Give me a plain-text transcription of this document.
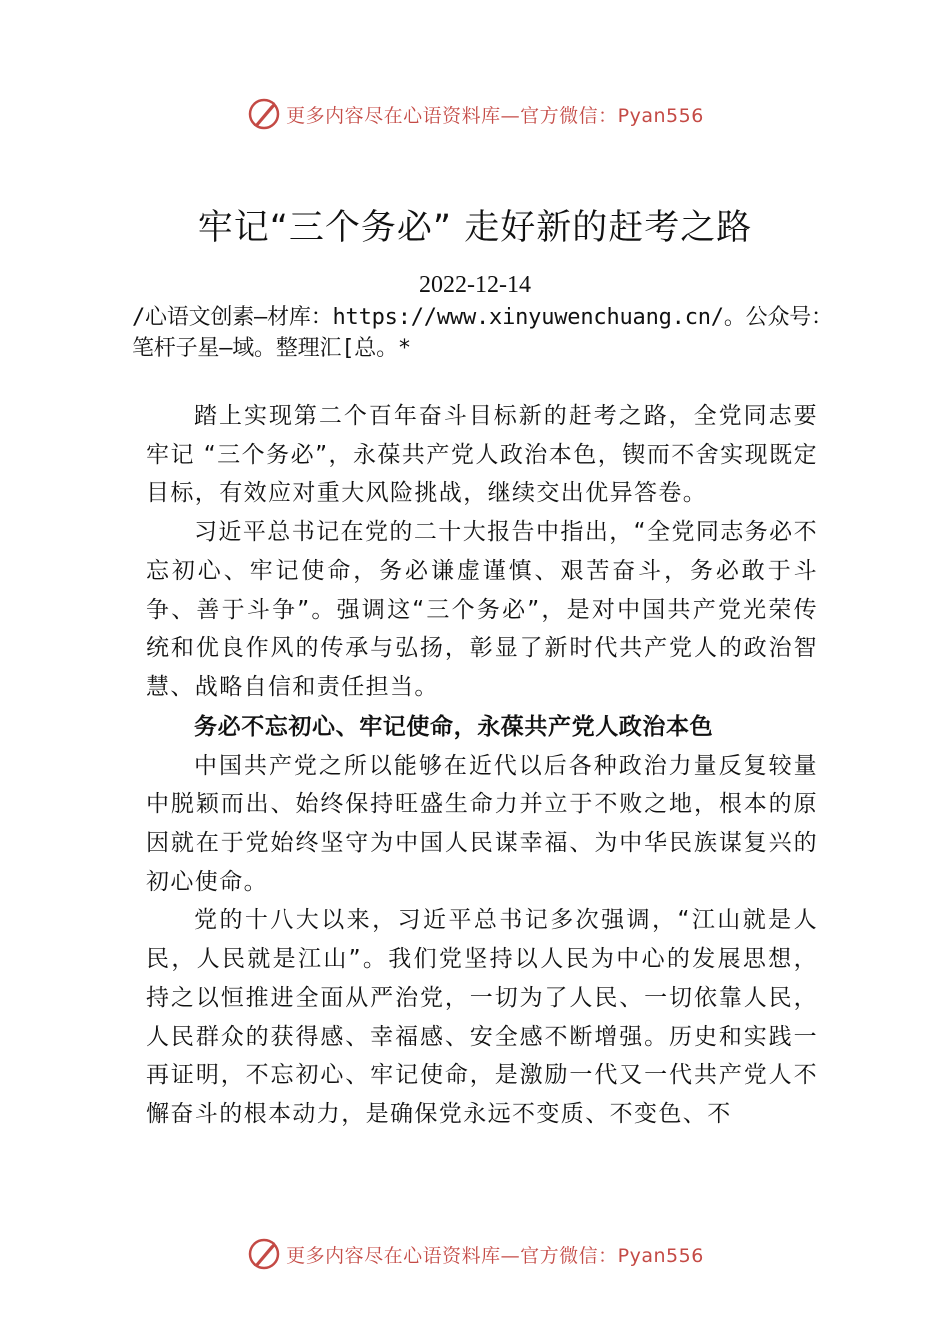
更多内容尽在心语资料库—官方微信：Pyan556
牢记“三个务必” 走好新的赶考之路
2022-12-14
/心语文创素—材库：https://www.xinyuwenchuang.cn/。公众号：笔杆子星—域。整理汇[总。*

踏上实现第二个百年奋斗目标新的赶考之路，全党同志要牢记 “三个务必”，永葆共产党人政治本色，锲而不舍实现既定目标，有效应对重大风险挑战，继续交出优异答卷。

习近平总书记在党的二十大报告中指出，“全党同志务必不忘初心、牢记使命，务必谦虚谨慎、艰苦奋斗，务必敢于斗争、善于斗争”。强调这“三个务必”，是对中国共产党光荣传统和优良作风的传承与弘扬，彰显了新时代共产党人的政治智慧、战略自信和责任担当。

务必不忘初心、牢记使命，永葆共产党人政治本色

中国共产党之所以能够在近代以后各种政治力量反复较量中脱颖而出、始终保持旺盛生命力并立于不败之地，根本的原因就在于党始终坚守为中国人民谋幸福、为中华民族谋复兴的初心使命。

党的十八大以来，习近平总书记多次强调，“江山就是人民，人民就是江山”。我们党坚持以人民为中心的发展思想，持之以恒推进全面从严治党，一切为了人民、一切依靠人民，人民群众的获得感、幸福感、安全感不断增强。历史和实践一再证明，不忘初心、牢记使命，是激励一代又一代共产党人不懈奋斗的根本动力，是确保党永远不变质、不变色、不

更多内容尽在心语资料库—官方微信：Pyan556
